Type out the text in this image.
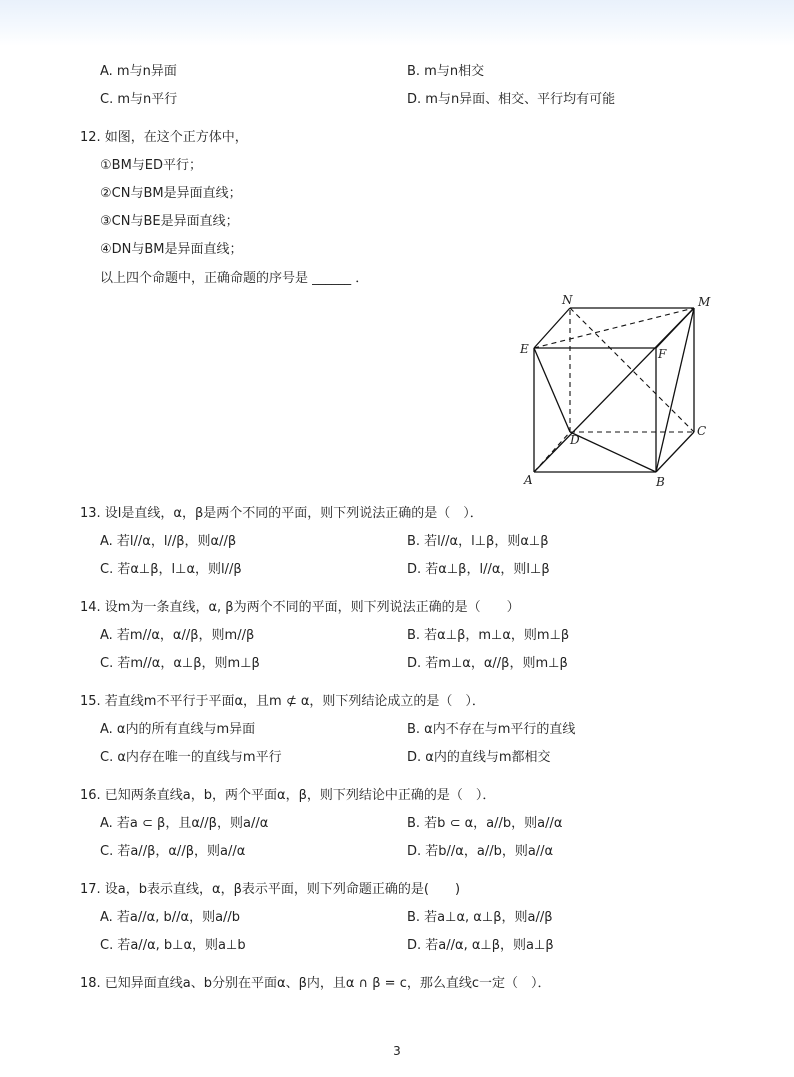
A. m与n异面	B. m与n相交
C. m与n平行	D. m与n异面、相交、平行均有可能
12. 如图，在这个正方体中，
①BM与ED平行；
②CN与BM是异面直线；
③CN与BE是异面直线；
④DN与BM是异面直线；
以上四个命题中，正确命题的序号是 ______ ．
N	M
E	F
D
C
A	B
13. 设l是直线，α，β是两个不同的平面，则下列说法正确的是（　）．
A. 若l//α，l//β，则α//β	B. 若l//α，l⊥β，则α⊥β
C. 若α⊥β，l⊥α，则l//β	D. 若α⊥β，l//α，则l⊥β
14. 设m为一条直线，α, β为两个不同的平面，则下列说法正确的是（　　）
A. 若m//α，α//β，则m//β	B. 若α⊥β，m⊥α，则m⊥β
C. 若m//α，α⊥β，则m⊥β	D. 若m⊥α，α//β，则m⊥β
15. 若直线m不平行于平面α，且m ⊄ α，则下列结论成立的是（　）．
A. α内的所有直线与m异面	B. α内不存在与m平行的直线
C. α内存在唯一的直线与m平行	D. α内的直线与m都相交
16. 已知两条直线a，b，两个平面α，β，则下列结论中正确的是（　）．
A. 若a ⊂ β，且α//β，则a//α	B. 若b ⊂ α，a//b，则a//α
C. 若a//β，α//β，则a//α	D. 若b//α，a//b，则a//α
17. 设a，b表示直线，α，β表示平面，则下列命题正确的是(　　)
A. 若a//α, b//α，则a//b	B. 若a⊥α, α⊥β，则a//β
C. 若a//α, b⊥α，则a⊥b	D. 若a//α, α⊥β，则a⊥β
18. 已知异面直线a、b分别在平面α、β内，且α ∩ β = c，那么直线c一定（　）．
3
